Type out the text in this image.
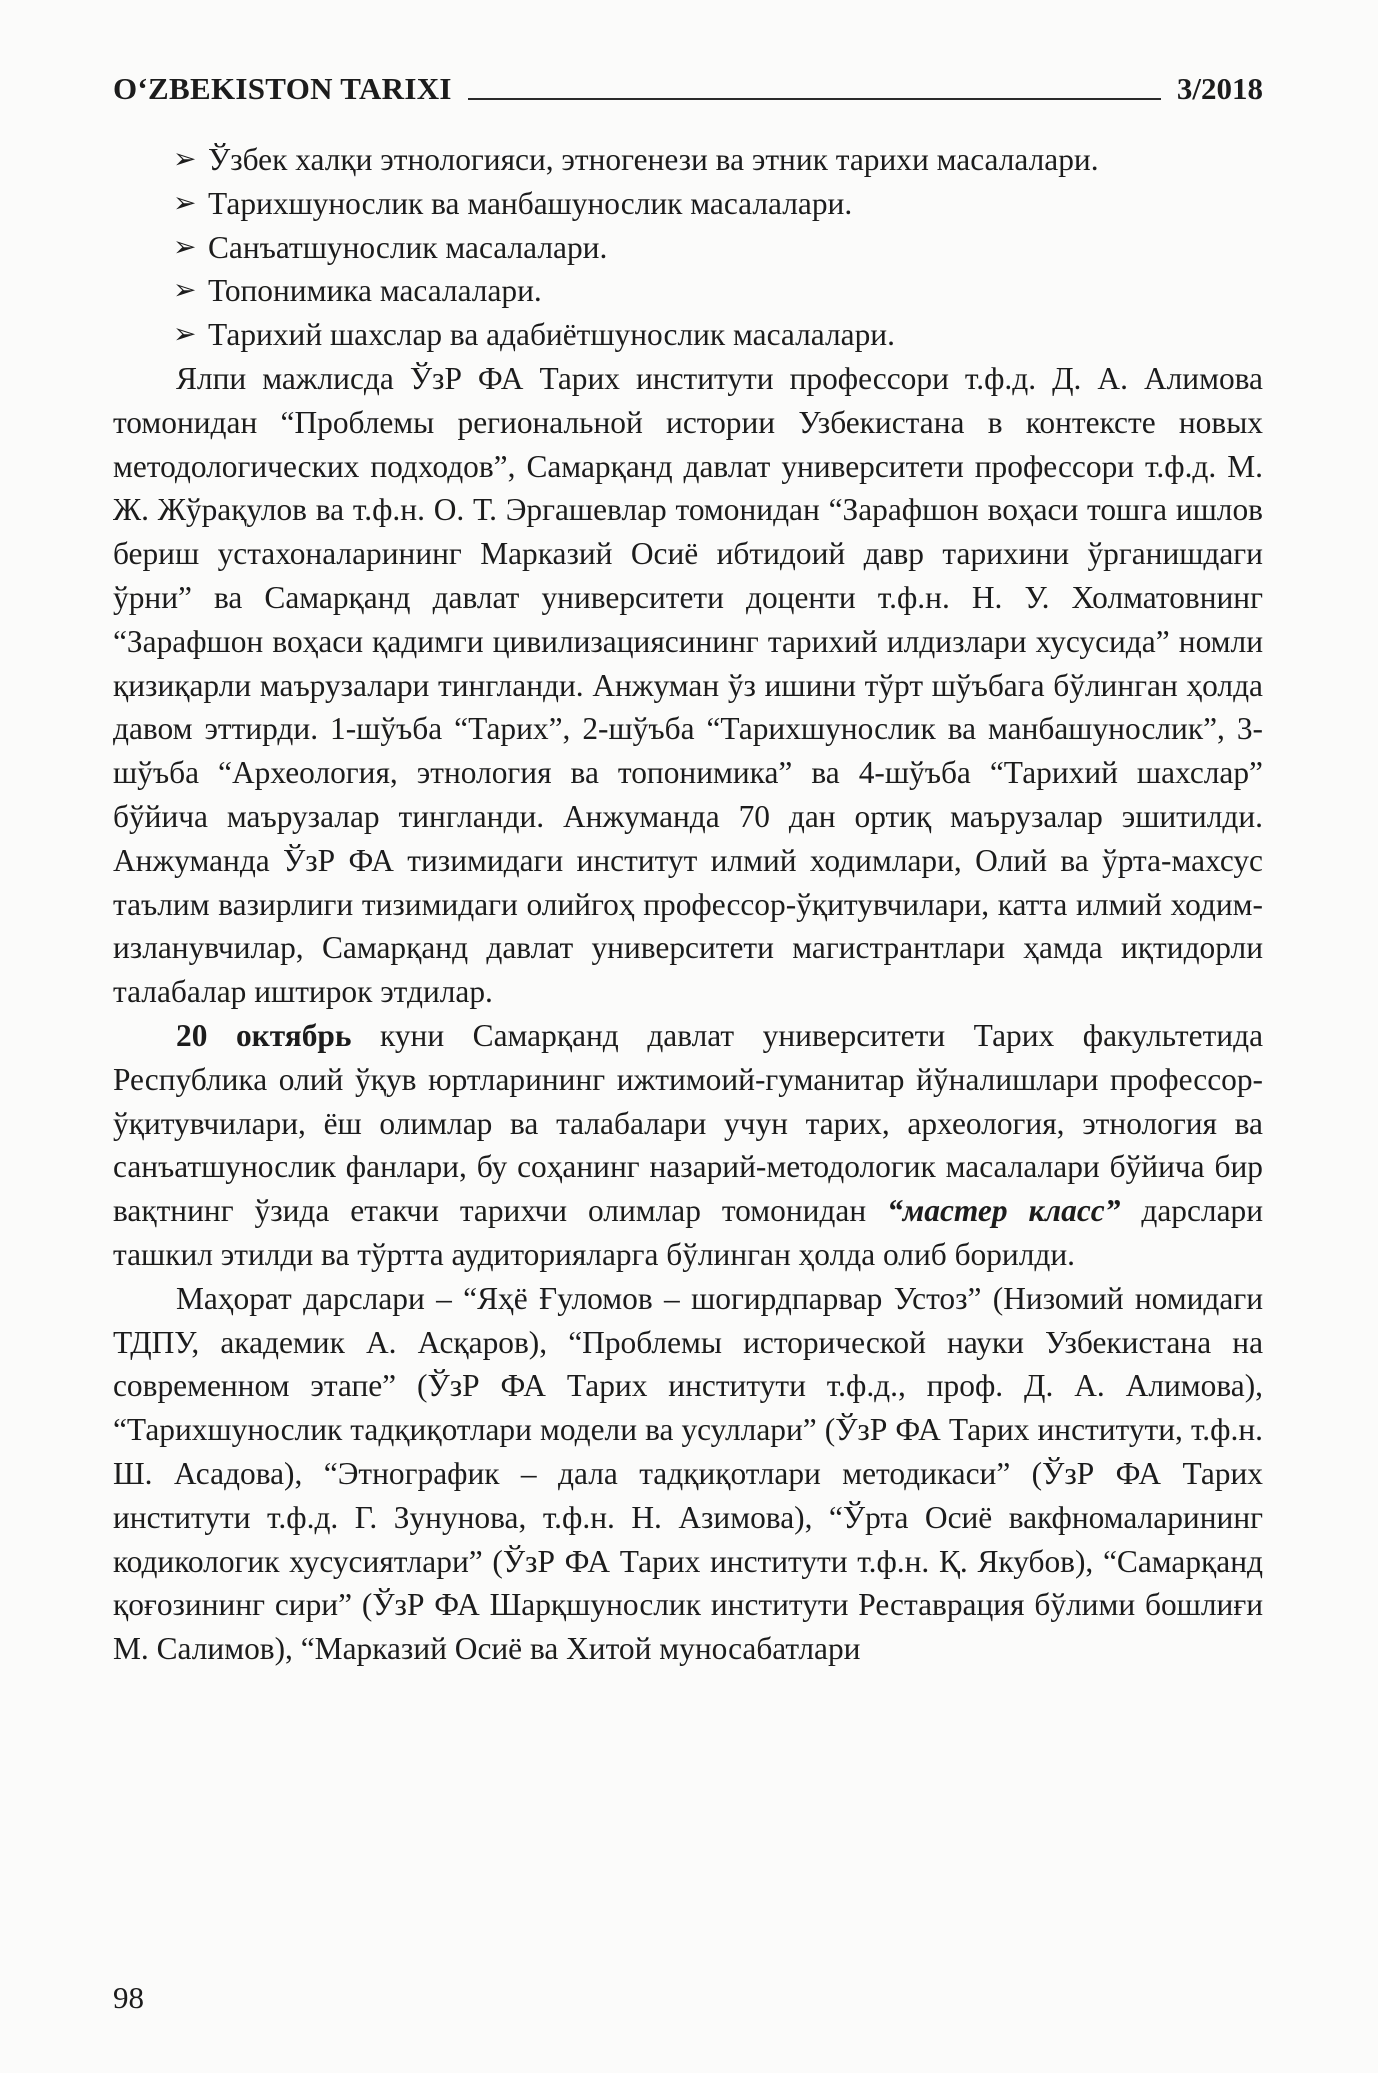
O‘ZBEKISTON TARIXI	3/2018
➢ Ўзбек халқи этнологияси, этногенези ва этник тарихи масалалари.
➢ Тарихшунослик ва манбашунослик масалалари.
➢ Санъатшунослик масалалари.
➢ Топонимика масалалари.
➢ Тарихий шахслар ва адабиётшунослик масалалари.

Ялпи мажлисда ЎзР ФА Тарих институти профессори т.ф.д. Д. А. Алимова томонидан “Проблемы региональной истории Узбекистана в контексте новых методологических подходов”, Самарқанд давлат университети профессори т.ф.д. М. Ж. Жўрақулов ва т.ф.н. О. Т. Эргашевлар томонидан “Зарафшон воҳаси тошга ишлов бериш устахоналарининг Марказий Осиё ибтидоий давр тарихини ўрганишдаги ўрни” ва Самарқанд давлат университети доценти т.ф.н. Н. У. Холматовнинг “Зарафшон воҳаси қадимги цивилизациясининг тарихий илдизлари хусусида” номли қизиқарли маърузалари тингланди. Анжуман ўз ишини тўрт шўъбага бўлинган ҳолда давом эттирди. 1-шўъба “Тарих”, 2-шўъба “Тарихшунослик ва манбашунослик”, 3-шўъба “Археология, этнология ва топонимика” ва 4-шўъба “Тарихий шахслар” бўйича маърузалар тингланди. Анжуманда 70 дан ортиқ маърузалар эшитилди. Анжуманда ЎзР ФА тизимидаги институт илмий ходимлари, Олий ва ўрта-махсус таълим вазирлиги тизимидаги олийгоҳ профессор-ўқитувчилари, катта илмий ходим-изланувчилар, Самарқанд давлат университети магистрантлари ҳамда иқтидорли талабалар иштирок этдилар.

20 октябрь куни Самарқанд давлат университети Тарих факультетида Республика олий ўқув юртларининг ижтимоий-гуманитар йўналишлари профессор-ўқитувчилари, ёш олимлар ва талабалари учун тарих, археология, этнология ва санъатшунослик фанлари, бу соҳанинг назарий-методологик масалалари бўйича бир вақтнинг ўзида етакчи тарихчи олимлар томонидан “мастер класс” дарслари ташкил этилди ва тўртта аудиторияларга бўлинган ҳолда олиб борилди.

Маҳорат дарслари – “Яҳё Ғуломов – шогирдпарвар Устоз” (Низомий номидаги ТДПУ, академик А. Асқаров), “Проблемы исторической науки Узбекистана на современном этапе” (ЎзР ФА Тарих институти т.ф.д., проф. Д. А. Алимова), “Тарихшунослик тадқиқотлари модели ва усуллари” (ЎзР ФА Тарих институти, т.ф.н. Ш. Асадова), “Этнографик – дала тадқиқотлари методикаси” (ЎзР ФА Тарих институти т.ф.д. Г. Зунунова, т.ф.н. Н. Азимова), “Ўрта Осиё вакфномаларининг кодикологик хусусиятлари” (ЎзР ФА Тарих институти т.ф.н. Қ. Якубов), “Самарқанд қоғозининг сири” (ЎзР ФА Шарқшунослик институти Реставрация бўлими бошлиғи М. Салимов), “Марказий Осиё ва Хитой муносабатлари

98
